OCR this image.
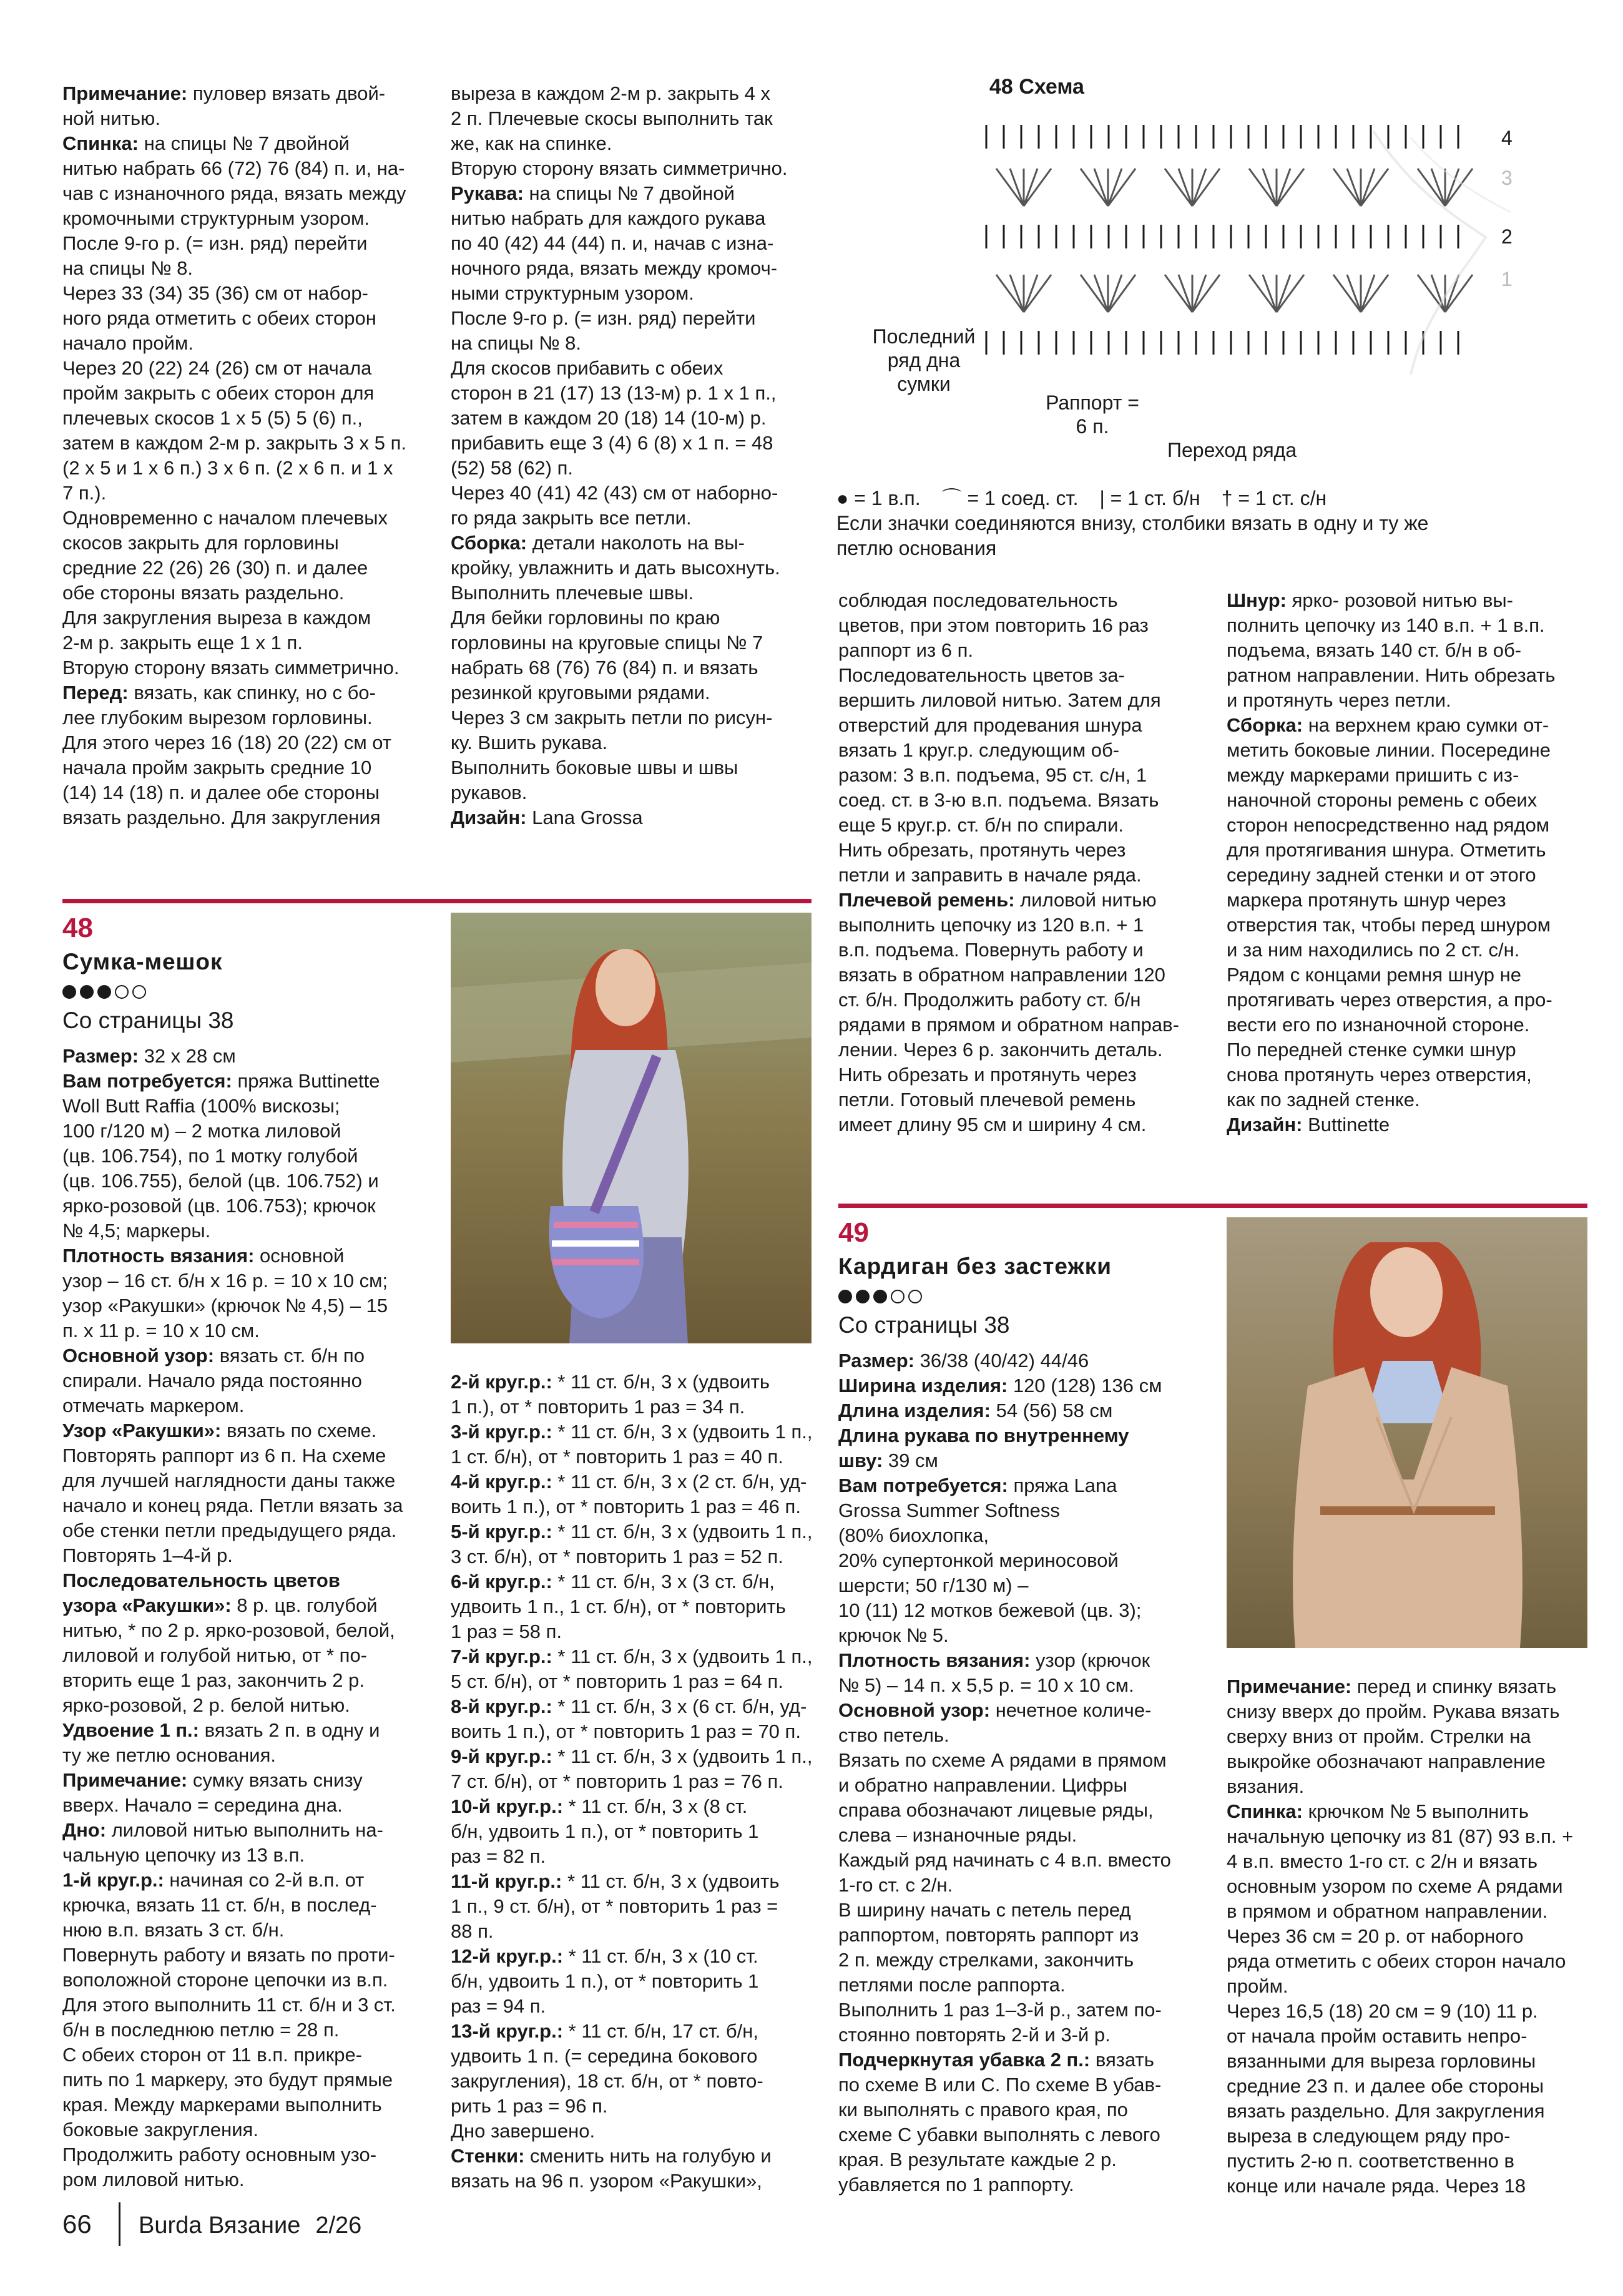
Примечание: пуловер вязать двой-
ной нитью.

Спинка: на спицы № 7 двойной
нитью набрать 66 (72) 76 (84) п. и, на-
чав с изнаночного ряда, вязать между
кромочными структурным узором.
После 9-го р. (= изн. ряд) перейти
на спицы № 8.
Через 33 (34) 35 (36) см от набор-
ного ряда отметить с обеих сторон
начало пройм.
Через 20 (22) 24 (26) см от начала
пройм закрыть с обеих сторон для
плечевых скосов 1 х 5 (5) 5 (6) п.,
затем в каждом 2-м р. закрыть 3 х 5 п.
(2 х 5 и 1 х 6 п.) 3 х 6 п. (2 х 6 п. и 1 х
7 п.).
Одновременно с началом плечевых
скосов закрыть для горловины
средние 22 (26) 26 (30) п. и далее
обе стороны вязать раздельно.
Для закругления выреза в каждом
2-м р. закрыть еще 1 х 1 п.
Вторую сторону вязать симметрично.

Перед: вязать, как спинку, но с бо-
лее глубоким вырезом горловины.
Для этого через 16 (18) 20 (22) см от
начала пройм закрыть средние 10
(14) 14 (18) п. и далее обе стороны
вязать раздельно. Для закругления

выреза в каждом 2-м р. закрыть 4 х
2 п. Плечевые скосы выполнить так
же, как на спинке.
Вторую сторону вязать симметрично.

Рукава: на спицы № 7 двойной
нитью набрать для каждого рукава
по 40 (42) 44 (44) п. и, начав с изна-
ночного ряда, вязать между кромоч-
ными структурным узором.
После 9-го р. (= изн. ряд) перейти
на спицы № 8.
Для скосов прибавить с обеих
сторон в 21 (17) 13 (13-м) р. 1 х 1 п.,
затем в каждом 20 (18) 14 (10-м) р.
прибавить еще 3 (4) 6 (8) х 1 п. = 48
(52) 58 (62) п.
Через 40 (41) 42 (43) см от наборно-
го ряда закрыть все петли.

Сборка: детали наколоть на вы-
кройку, увлажнить и дать высохнуть.
Выполнить плечевые швы.
Для бейки горловины по краю
горловины на круговые спицы № 7
набрать 68 (76) 76 (84) п. и вязать
резинкой круговыми рядами.
Через 3 см закрыть петли по рисун-
ку. Вшить рукава.
Выполнить боковые швы и швы
рукавов.

Дизайн: Lana Grossa

48 Схема
4
3
2
1
Последний
ряд дна
сумки
Раппорт =
6 п.
Переход ряда
● = 1 в.п. ⌒ = 1 соед. ст. | = 1 ст. б/н † = 1 ст. с/н
Если значки соединяются внизу, столбики вязать в одну и ту же
петлю основания

соблюдая последовательность
цветов, при этом повторить 16 раз
раппорт из 6 п.
Последовательность цветов за-
вершить лиловой нитью. Затем для
отверстий для продевания шнура
вязать 1 круг.р. следующим об-
разом: 3 в.п. подъема, 95 ст. с/н, 1
соед. ст. в 3-ю в.п. подъема. Вязать
еще 5 круг.р. ст. б/н по спирали.
Нить обрезать, протянуть через
петли и заправить в начале ряда.

Плечевой ремень: лиловой нитью
выполнить цепочку из 120 в.п. + 1
в.п. подъема. Повернуть работу и
вязать в обратном направлении 120
ст. б/н. Продолжить работу ст. б/н
рядами в прямом и обратном направ-
лении. Через 6 р. закончить деталь.
Нить обрезать и протянуть через
петли. Готовый плечевой ремень
имеет длину 95 см и ширину 4 см.

Шнур: ярко- розовой нитью вы-
полнить цепочку из 140 в.п. + 1 в.п.
подъема, вязать 140 ст. б/н в об-
ратном направлении. Нить обрезать
и протянуть через петли.

Сборка: на верхнем краю сумки от-
метить боковые линии. Посередине
между маркерами пришить с из-
наночной стороны ремень с обеих
сторон непосредственно над рядом
для протягивания шнура. Отметить
середину задней стенки и от этого
маркера протянуть шнур через
отверстия так, чтобы перед шнуром
и за ним находились по 2 ст. с/н.
Рядом с концами ремня шнур не
протягивать через отверстия, а про-
вести его по изнаночной стороне.
По передней стенке сумки шнур
снова протянуть через отверстия,
как по задней стенке.

Дизайн: Buttinette

48
Сумка-мешок
Со страницы 38

Размер: 32 х 28 см

Вам потребуется: пряжа Buttinette
Woll Butt Raffia (100% вискозы;
100 г/120 м) – 2 мотка лиловой
(цв. 106.754), по 1 мотку голубой
(цв. 106.755), белой (цв. 106.752) и
ярко-розовой (цв. 106.753); крючок
№ 4,5; маркеры.

Плотность вязания: основной
узор – 16 ст. б/н х 16 р. = 10 х 10 см;
узор «Ракушки» (крючок № 4,5) – 15
п. х 11 р. = 10 х 10 см.

Основной узор: вязать ст. б/н по
спирали. Начало ряда постоянно
отмечать маркером.

Узор «Ракушки»: вязать по схеме.
Повторять раппорт из 6 п. На схеме
для лучшей наглядности даны также
начало и конец ряда. Петли вязать за
обе стенки петли предыдущего ряда.
Повторять 1–4-й р.

Последовательность цветов
узора «Ракушки»: 8 р. цв. голубой
нитью, * по 2 р. ярко-розовой, белой,
лиловой и голубой нитью, от * по-
вторить еще 1 раз, закончить 2 р.
ярко-розовой, 2 р. белой нитью.

Удвоение 1 п.: вязать 2 п. в одну и
ту же петлю основания.

Примечание: сумку вязать снизу
вверх. Начало = середина дна.

Дно: лиловой нитью выполнить на-
чальную цепочку из 13 в.п.

1-й круг.р.: начиная со 2-й в.п. от
крючка, вязать 11 ст. б/н, в послед-
нюю в.п. вязать 3 ст. б/н.
Повернуть работу и вязать по проти-
воположной стороне цепочки из в.п.
Для этого выполнить 11 ст. б/н и 3 ст.
б/н в последнюю петлю = 28 п.
С обеих сторон от 11 в.п. прикре-
пить по 1 маркеру, это будут прямые
края. Между маркерами выполнить
боковые закругления.
Продолжить работу основным узо-
ром лиловой нитью.

2-й круг.р.: * 11 ст. б/н, 3 х (удвоить
1 п.), от * повторить 1 раз = 34 п.

3-й круг.р.: * 11 ст. б/н, 3 х (удвоить 1 п.,
1 ст. б/н), от * повторить 1 раз = 40 п.

4-й круг.р.: * 11 ст. б/н, 3 х (2 ст. б/н, уд-
воить 1 п.), от * повторить 1 раз = 46 п.

5-й круг.р.: * 11 ст. б/н, 3 х (удвоить 1 п.,
3 ст. б/н), от * повторить 1 раз = 52 п.

6-й круг.р.: * 11 ст. б/н, 3 х (3 ст. б/н,
удвоить 1 п., 1 ст. б/н), от * повторить
1 раз = 58 п.

7-й круг.р.: * 11 ст. б/н, 3 х (удвоить 1 п.,
5 ст. б/н), от * повторить 1 раз = 64 п.

8-й круг.р.: * 11 ст. б/н, 3 х (6 ст. б/н, уд-
воить 1 п.), от * повторить 1 раз = 70 п.

9-й круг.р.: * 11 ст. б/н, 3 х (удвоить 1 п.,
7 ст. б/н), от * повторить 1 раз = 76 п.

10-й круг.р.: * 11 ст. б/н, 3 х (8 ст.
б/н, удвоить 1 п.), от * повторить 1
раз = 82 п.

11-й круг.р.: * 11 ст. б/н, 3 х (удвоить
1 п., 9 ст. б/н), от * повторить 1 раз =
88 п.

12-й круг.р.: * 11 ст. б/н, 3 х (10 ст.
б/н, удвоить 1 п.), от * повторить 1
раз = 94 п.

13-й круг.р.: * 11 ст. б/н, 17 ст. б/н,
удвоить 1 п. (= середина бокового
закругления), 18 ст. б/н, от * повто-
рить 1 раз = 96 п.
Дно завершено.

Стенки: сменить нить на голубую и
вязать на 96 п. узором «Ракушки»,

49
Кардиган без застежки
Со страницы 38

Размер: 36/38 (40/42) 44/46

Ширина изделия: 120 (128) 136 см

Длина изделия: 54 (56) 58 см

Длина рукава по внутреннему
шву: 39 см

Вам потребуется: пряжа Lana
Grossa Summer Softness
(80% биохлопка,
20% супертонкой мериносовой
шерсти; 50 г/130 м) –
10 (11) 12 мотков бежевой (цв. 3);
крючок № 5.

Плотность вязания: узор (крючок
№ 5) – 14 п. х 5,5 р. = 10 х 10 см.

Основной узор: нечетное количе-
ство петель.
Вязать по схеме А рядами в прямом
и обратно направлении. Цифры
справа обозначают лицевые ряды,
слева – изнаночные ряды.
Каждый ряд начинать с 4 в.п. вместо
1-го ст. с 2/н.
В ширину начать с петель перед
раппортом, повторять раппорт из
2 п. между стрелками, закончить
петлями после раппорта.
Выполнить 1 раз 1–3-й р., затем по-
стоянно повторять 2-й и 3-й р.

Подчеркнутая убавка 2 п.: вязать
по схеме В или С. По схеме В убав-
ки выполнять с правого края, по
схеме С убавки выполнять с левого
края. В результате каждые 2 р.
убавляется по 1 раппорту.

Примечание: перед и спинку вязать
снизу вверх до пройм. Рукава вязать
сверху вниз от пройм. Стрелки на
выкройке обозначают направление
вязания.

Спинка: крючком № 5 выполнить
начальную цепочку из 81 (87) 93 в.п. +
4 в.п. вместо 1-го ст. с 2/н и вязать
основным узором по схеме А рядами
в прямом и обратном направлении.
Через 36 см = 20 р. от наборного
ряда отметить с обеих сторон начало
пройм.
Через 16,5 (18) 20 см = 9 (10) 11 р.
от начала пройм оставить непро-
вязанными для выреза горловины
средние 23 п. и далее обе стороны
вязать раздельно. Для закругления
выреза в следующем ряду про-
пустить 2-ю п. соответственно в
конце или начале ряда. Через 18

66 Burda Вязание 2/26
